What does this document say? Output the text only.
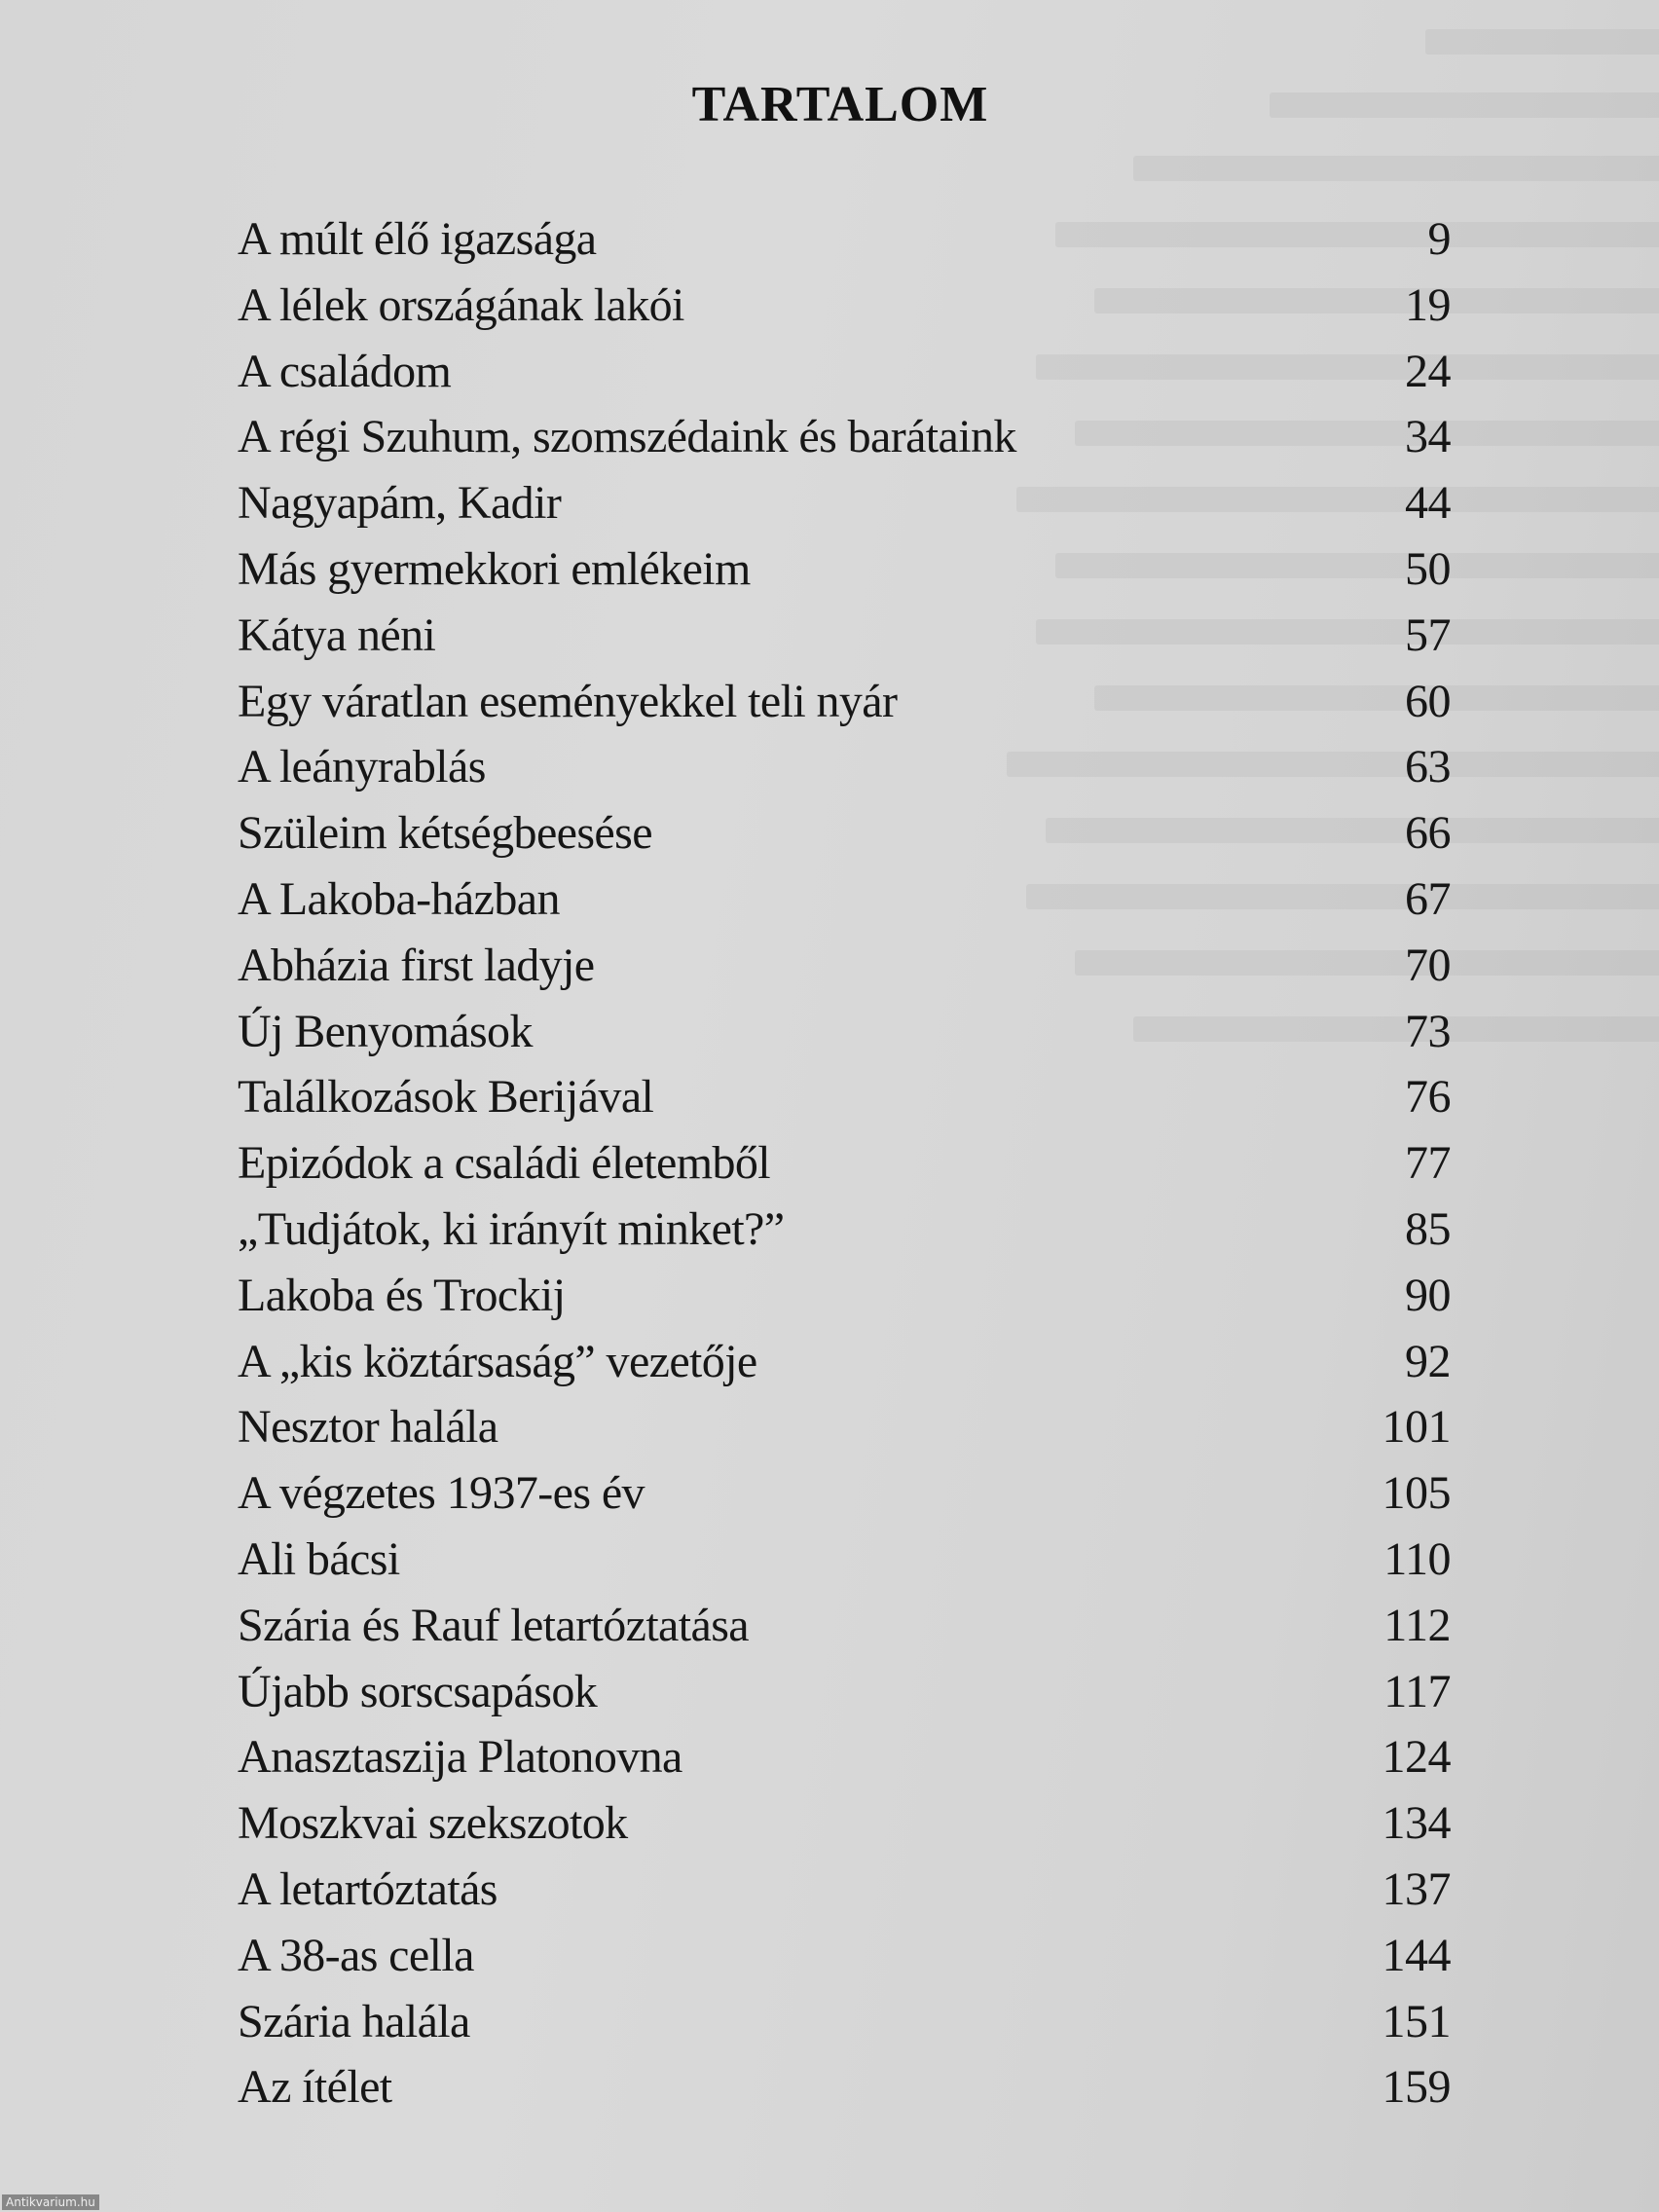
TARTALOM
A múlt élő igazsága	9
A lélek országának lakói	19
A családom	24
A régi Szuhum, szomszédaink és barátaink	34
Nagyapám, Kadir	44
Más gyermekkori emlékeim	50
Kátya néni	57
Egy váratlan eseményekkel teli nyár	60
A leányrablás	63
Szüleim kétségbeesése	66
A Lakoba-házban	67
Abházia first ladyje	70
Új Benyomások	73
Találkozások Berijával	76
Epizódok a családi életemből	77
„Tudjátok, ki irányít minket?”	85
Lakoba és Trockij	90
A „kis köztársaság” vezetője	92
Nesztor halála	101
A végzetes 1937-es év	105
Ali bácsi	110
Szária és Rauf letartóztatása	112
Újabb sorscsapások	117
Anasztaszija Platonovna	124
Moszkvai szekszotok	134
A letartóztatás	137
A 38-as cella	144
Szária halála	151
Az ítélet	159
Antikvarium.hu
